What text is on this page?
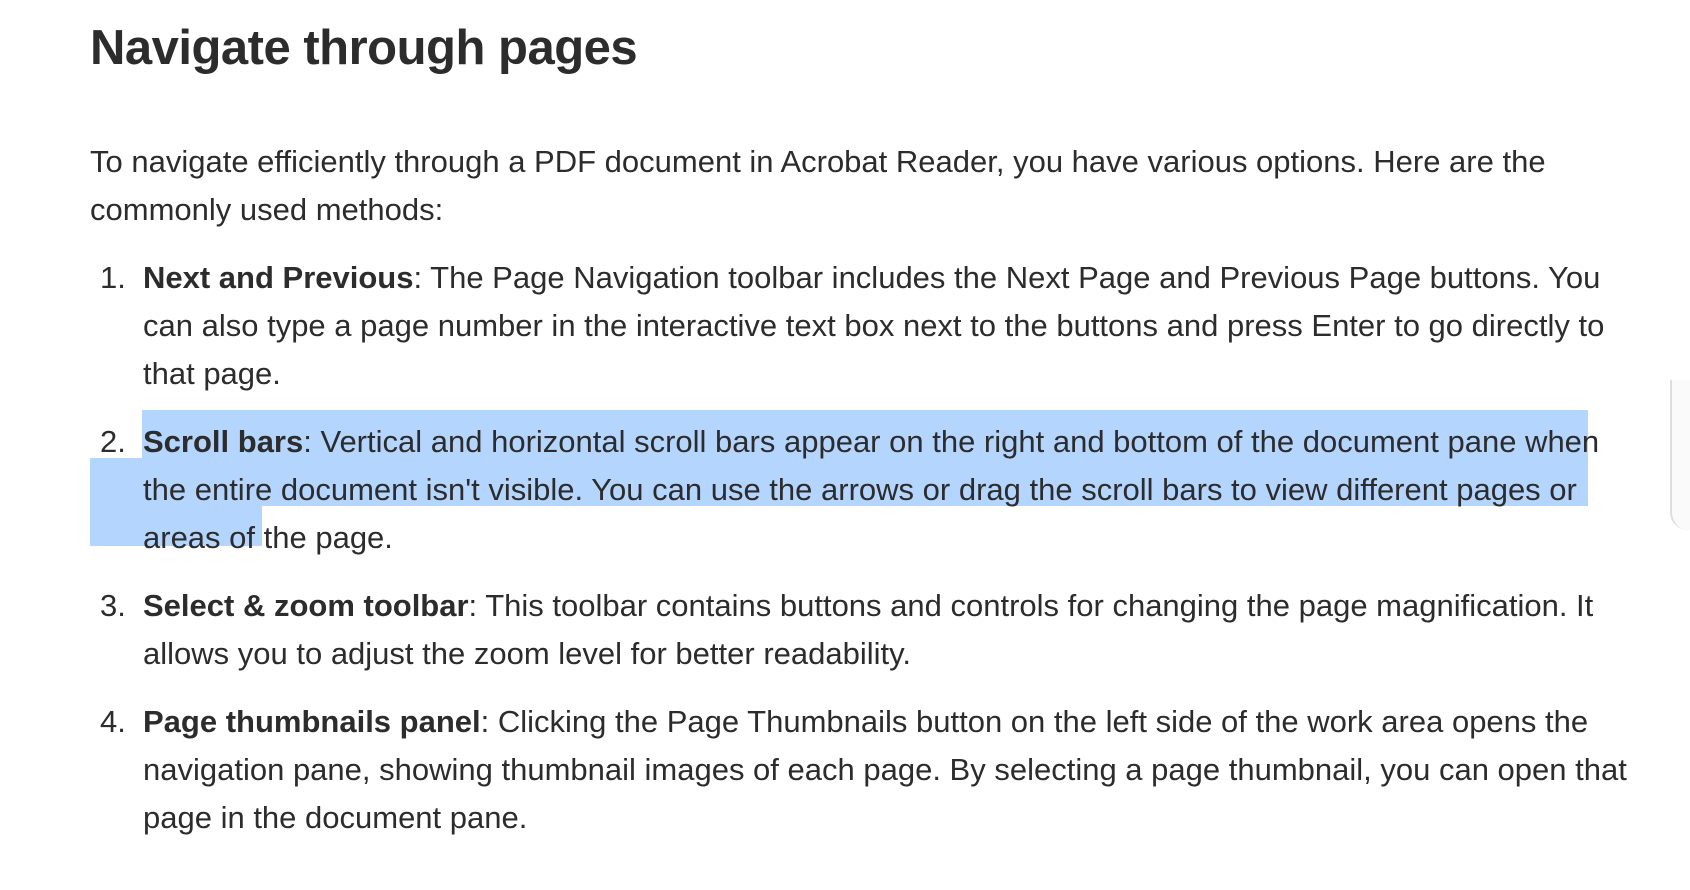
Navigate through pages

To navigate efficiently through a PDF document in Acrobat Reader, you have various options. Here are the commonly used methods:

1. Next and Previous: The Page Navigation toolbar includes the Next Page and Previous Page buttons. You can also type a page number in the interactive text box next to the buttons and press Enter to go directly to that page.
2. Scroll bars: Vertical and horizontal scroll bars appear on the right and bottom of the document pane when the entire document isn't visible. You can use the arrows or drag the scroll bars to view different pages or areas of the page.
3. Select & zoom toolbar: This toolbar contains buttons and controls for changing the page magnification. It allows you to adjust the zoom level for better readability.
4. Page thumbnails panel: Clicking the Page Thumbnails button on the left side of the work area opens the navigation pane, showing thumbnail images of each page. By selecting a page thumbnail, you can open that page in the document pane.
